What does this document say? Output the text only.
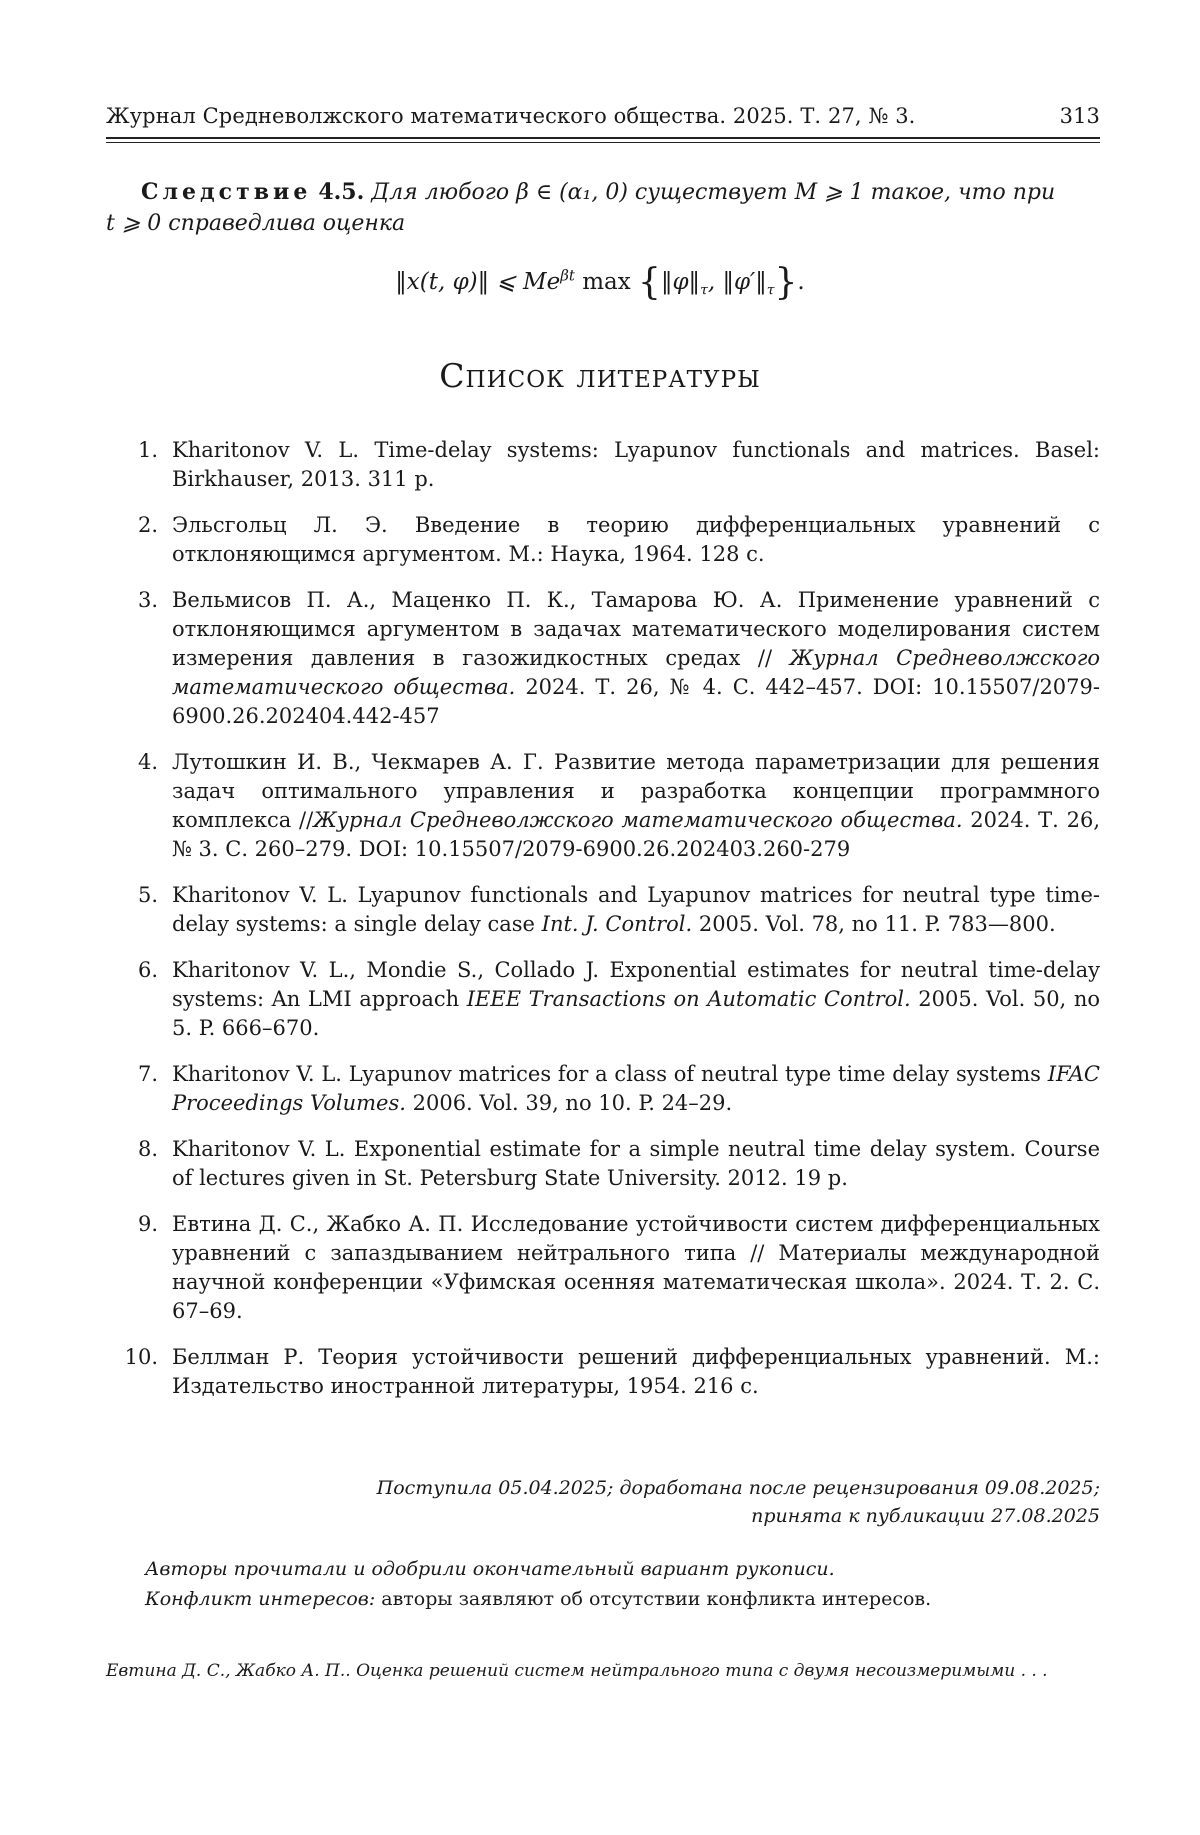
Журнал Средневолжского математического общества. 2025. Т. 27, № 3.	313
Следствие 4.5. Для любого β ∈ (α₁, 0) существует M ⩾ 1 такое, что при
t ⩾ 0 справедлива оценка
‖x(t, φ)‖ ⩽ $Me^{\beta t}$ $\max \{‖\varphi‖_\tau$, $‖\varphi'‖_\tau$}.
Список литературы
1. Kharitonov V. L. Time-delay systems: Lyapunov functionals and matrices. Basel: Birkhauser, 2013. 311 p.
2. Эльсгольц Л. Э. Введение в теорию дифференциальных уравнений с отклоняющимся аргументом. М.: Наука, 1964. 128 с.
3. Вельмисов П. А., Маценко П. К., Тамарова Ю. А. Применение уравнений с отклоняющимся аргументом в задачах математического моделирования систем измерения давления в газожидкостных средах // Журнал Средневолжского математического общества. 2024. Т. 26, № 4. С. 442–457. DOI: 10.15507/2079-6900.26.202404.442-457
4. Лутошкин И. В., Чекмарев А. Г. Развитие метода параметризации для решения задач оптимального управления и разработка концепции программного комплекса //Журнал Средневолжского математического общества. 2024. Т. 26, № 3. С. 260–279. DOI: 10.15507/2079-6900.26.202403.260-279
5. Kharitonov V. L. Lyapunov functionals and Lyapunov matrices for neutral type time-delay systems: a single delay case Int. J. Control. 2005. Vol. 78, no 11. P. 783—800.
6. Kharitonov V. L., Mondie S., Collado J. Exponential estimates for neutral time-delay systems: An LMI approach IEEE Transactions on Automatic Control. 2005. Vol. 50, no 5. P. 666–670.
7. Kharitonov V. L. Lyapunov matrices for a class of neutral type time delay systems IFAC Proceedings Volumes. 2006. Vol. 39, no 10. P. 24–29.
8. Kharitonov V. L. Exponential estimate for a simple neutral time delay system. Course of lectures given in St. Petersburg State University. 2012. 19 p.
9. Евтина Д. С., Жабко А. П. Исследование устойчивости систем дифференциальных уравнений с запаздыванием нейтрального типа // Материалы международной научной конференции «Уфимская осенняя математическая школа». 2024. Т. 2. С. 67–69.
10. Беллман Р. Теория устойчивости решений дифференциальных уравнений. М.: Издательство иностранной литературы, 1954. 216 с.
Поступила 05.04.2025; доработана после рецензирования 09.08.2025;
принята к публикации 27.08.2025
Авторы прочитали и одобрили окончательный вариант рукописи.
Конфликт интересов: авторы заявляют об отсутствии конфликта интересов.
Евтина Д. С., Жабко А. П.. Оценка решений систем нейтрального типа с двумя несоизмеримыми . . .
